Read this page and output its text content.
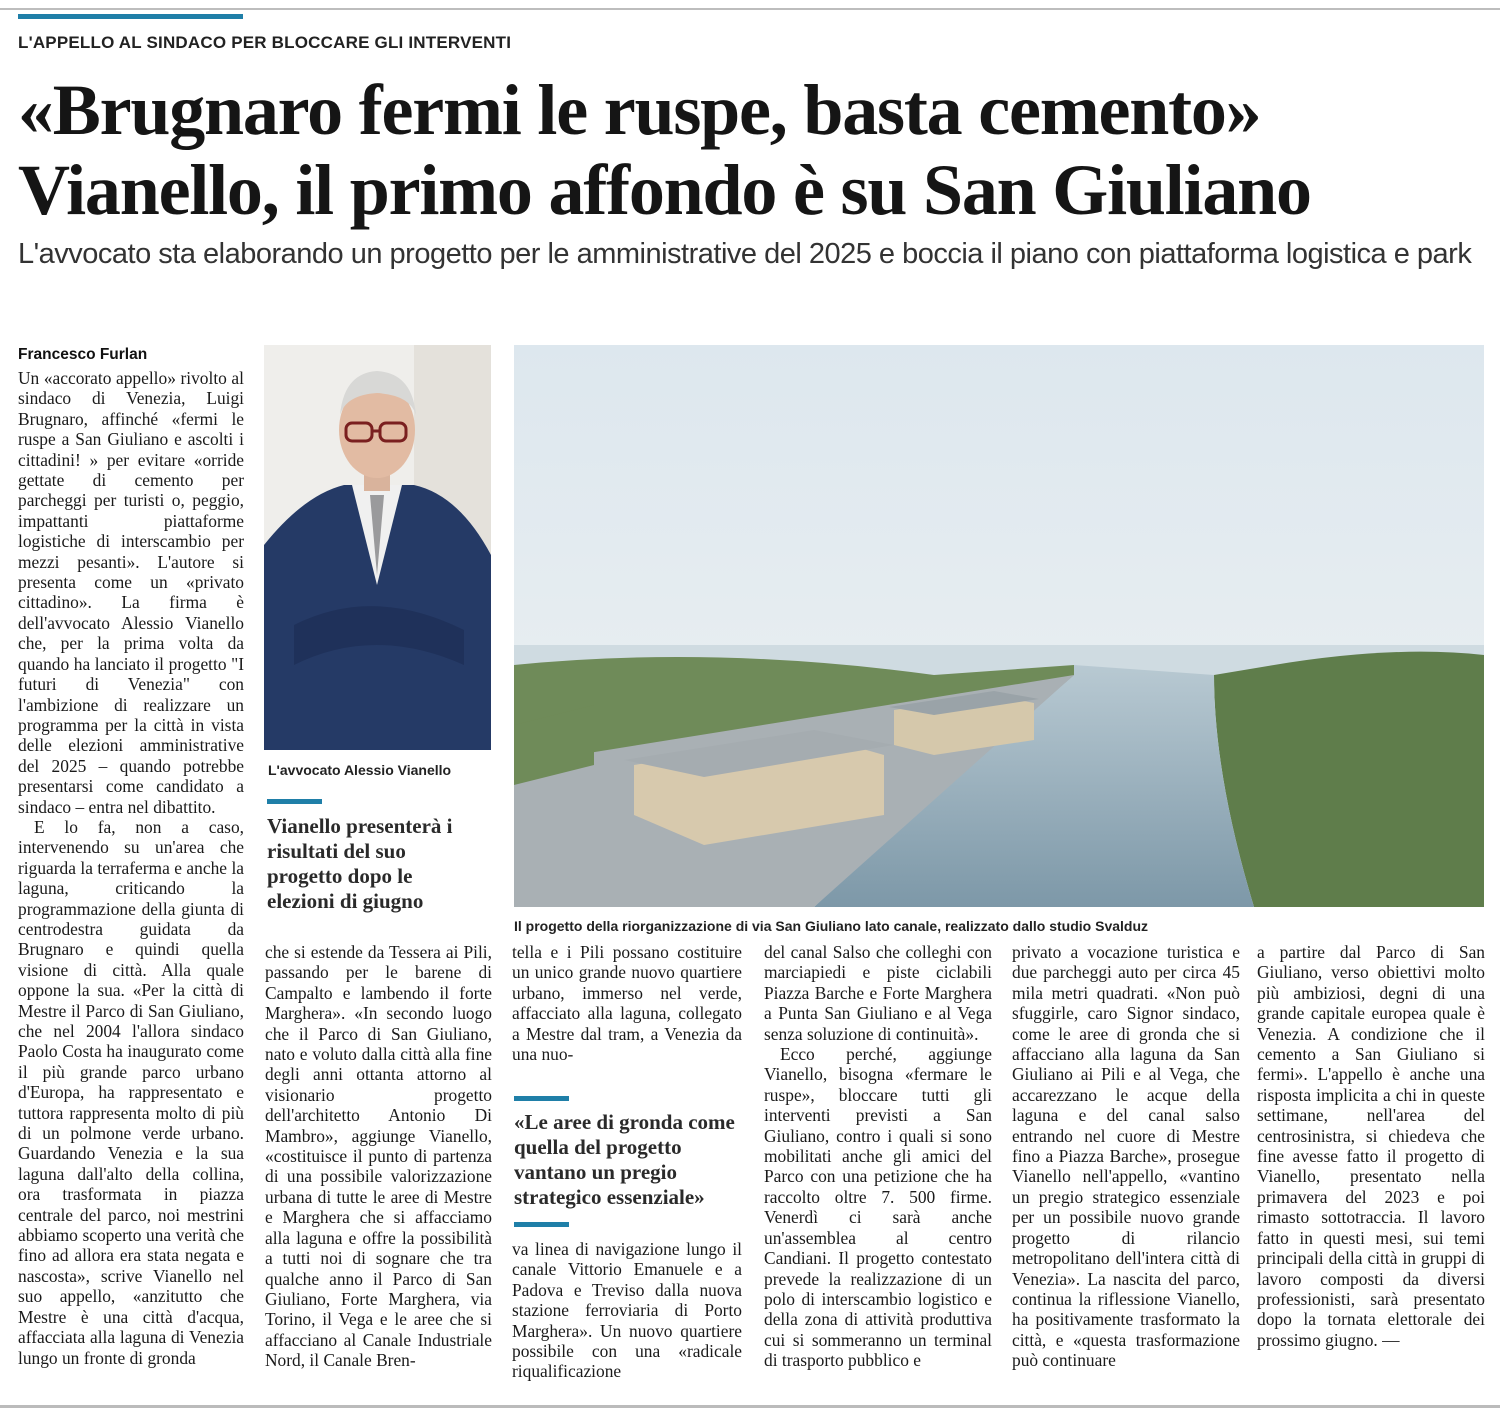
L'APPELLO AL SINDACO PER BLOCCARE GLI INTERVENTI
«Brugnaro fermi le ruspe, basta cemento»
Vianello, il primo affondo è su San Giuliano
L'avvocato sta elaborando un progetto per le amministrative del 2025 e boccia il piano con piattaforma logistica e park
Francesco Furlan

Un «accorato appello» rivolto al sindaco di Venezia, Luigi Brugnaro, affinché «fermi le ruspe a San Giuliano e ascolti i cittadini! » per evitare «orride gettate di cemento per parcheggi per turisti o, peggio, impattanti piattaforme logistiche di interscambio per mezzi pesanti». L'autore si presenta come un «privato cittadino». La firma è dell'avvocato Alessio Vianello che, per la prima volta da quando ha lanciato il progetto "I futuri di Venezia" con l'ambizione di realizzare un programma per la città in vista delle elezioni amministrative del 2025 – quando potrebbe presentarsi come candidato a sindaco – entra nel dibattito.

E lo fa, non a caso, intervenendo su un'area che riguarda la terraferma e anche la laguna, criticando la programmazione della giunta di centrodestra guidata da Brugnaro e quindi quella visione di città. Alla quale oppone la sua. «Per la città di Mestre il Parco di San Giuliano, che nel 2004 l'allora sindaco Paolo Costa ha inaugurato come il più grande parco urbano d'Europa, ha rappresentato e tuttora rappresenta molto di più di un polmone verde urbano. Guardando Venezia e la sua laguna dall'alto della collina, ora trasformata in piazza centrale del parco, noi mestrini abbiamo scoperto una verità che fino ad allora era stata negata e nascosta», scrive Vianello nel suo appello, «anzitutto che Mestre è una città d'acqua, affacciata alla laguna di Venezia lungo un fronte di gronda

L'avvocato Alessio Vianello
Vianello presenterà i risultati del suo progetto dopo le elezioni di giugno

che si estende da Tessera ai Pili, passando per le barene di Campalto e lambendo il forte Marghera». «In secondo luogo che il Parco di San Giuliano, nato e voluto dalla città alla fine degli anni ottanta attorno al visionario progetto dell'architetto Antonio Di Mambro», aggiunge Vianello, «costituisce il punto di partenza di una possibile valorizzazione urbana di tutte le aree di Mestre e Marghera che si affacciamo alla laguna e offre la possibilità a tutti noi di sognare che tra qualche anno il Parco di San Giuliano, Forte Marghera, via Torino, il Vega e le aree che si affacciano al Canale Industriale Nord, il Canale Bren-

Il progetto della riorganizzazione di via San Giuliano lato canale, realizzato dallo studio Svalduz

tella e i Pili possano costituire un unico grande nuovo quartiere urbano, immerso nel verde, affacciato alla laguna, collegato a Mestre dal tram, a Venezia da una nuo-

«Le aree di gronda come quella del progetto vantano un pregio strategico essenziale»

va linea di navigazione lungo il canale Vittorio Emanuele e a Padova e Treviso dalla nuova stazione ferroviaria di Porto Marghera». Un nuovo quartiere possibile con una «radicale riqualificazione

del canal Salso che colleghi con marciapiedi e piste ciclabili Piazza Barche e Forte Marghera a Punta San Giuliano e al Vega senza soluzione di continuità».

Ecco perché, aggiunge Vianello, bisogna «fermare le ruspe», bloccare tutti gli interventi previsti a San Giuliano, contro i quali si sono mobilitati anche gli amici del Parco con una petizione che ha raccolto oltre 7. 500 firme. Venerdì ci sarà anche un'assemblea al centro Candiani. Il progetto contestato prevede la realizzazione di un polo di interscambio logistico e della zona di attività produttiva cui si sommeranno un terminal di trasporto pubblico e

privato a vocazione turistica e due parcheggi auto per circa 45 mila metri quadrati. «Non può sfuggirle, caro Signor sindaco, come le aree di gronda che si affacciano alla laguna da San Giuliano ai Pili e al Vega, che accarezzano le acque della laguna e del canal salso entrando nel cuore di Mestre fino a Piazza Barche», prosegue Vianello nell'appello, «vantino un pregio strategico essenziale per un possibile nuovo grande progetto di rilancio metropolitano dell'intera città di Venezia». La nascita del parco, continua la riflessione Vianello, ha positivamente trasformato la città, e «questa trasformazione può continuare

a partire dal Parco di San Giuliano, verso obiettivi molto più ambiziosi, degni di una grande capitale europea quale è Venezia. A condizione che il cemento a San Giuliano si fermi». L'appello è anche una risposta implicita a chi in queste settimane, nell'area del centrosinistra, si chiedeva che fine avesse fatto il progetto di Vianello, presentato nella primavera del 2023 e poi rimasto sottotraccia. Il lavoro fatto in questi mesi, sui temi principali della città in gruppi di lavoro composti da diversi professionisti, sarà presentato dopo la tornata elettorale dei prossimo giugno. —
